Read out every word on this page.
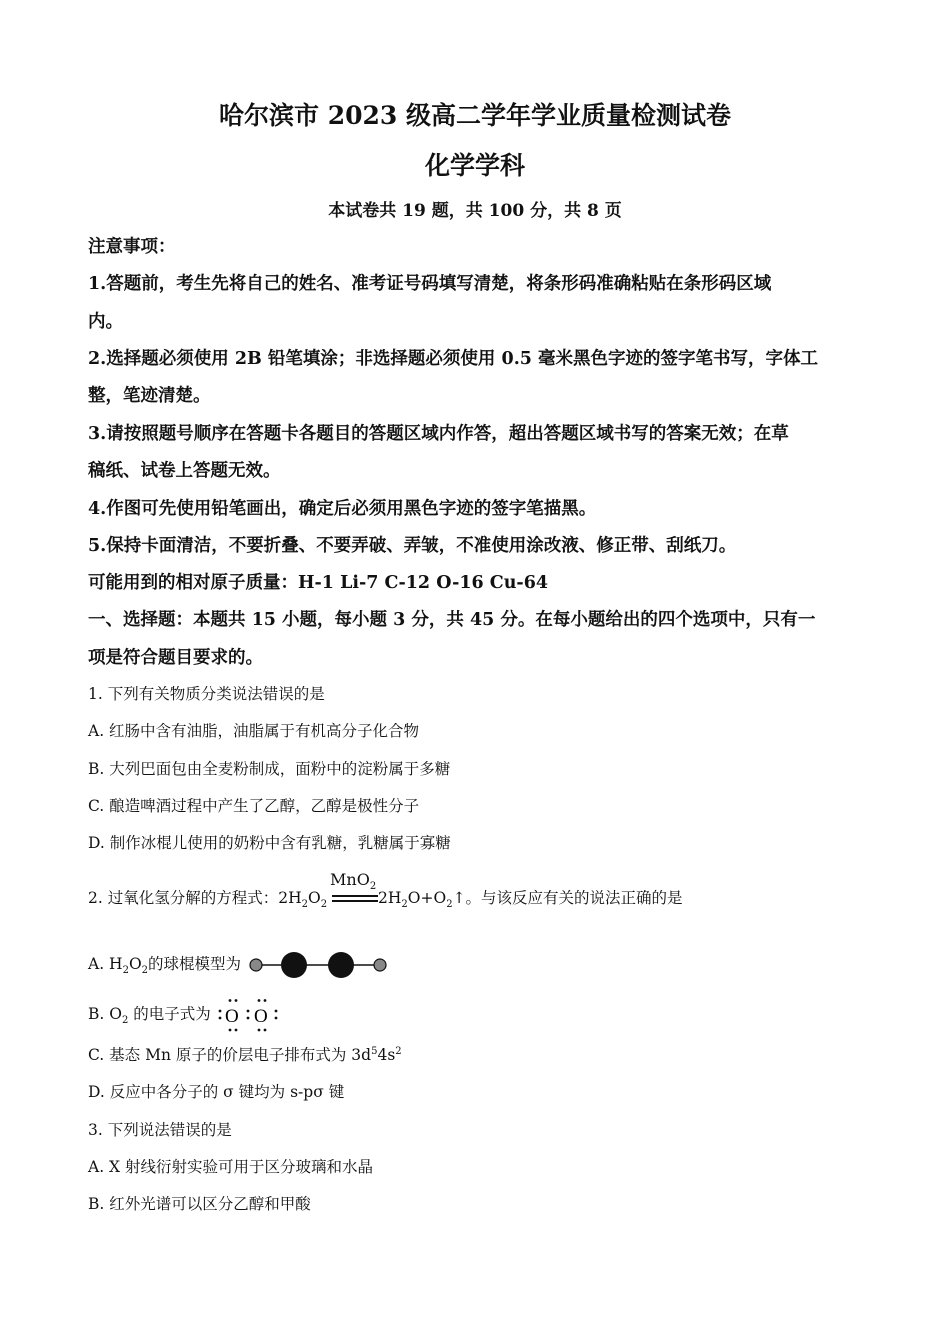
哈尔滨市 2023 级高二学年学业质量检测试卷
化学学科
本试卷共 19 题，共 100 分，共 8 页
注意事项：
1.答题前，考生先将自己的姓名、准考证号码填写清楚，将条形码准确粘贴在条形码区域
内。
2.选择题必须使用 2B 铅笔填涂；非选择题必须使用 0.5 毫米黑色字迹的签字笔书写，字体工
整，笔迹清楚。
3.请按照题号顺序在答题卡各题目的答题区域内作答，超出答题区域书写的答案无效；在草
稿纸、试卷上答题无效。
4.作图可先使用铅笔画出，确定后必须用黑色字迹的签字笔描黑。
5.保持卡面清洁，不要折叠、不要弄破、弄皱，不准使用涂改液、修正带、刮纸刀。
可能用到的相对原子质量：H-1 Li-7 C-12 O-16 Cu-64
一、选择题：本题共 15 小题，每小题 3 分，共 45 分。在每小题给出的四个选项中，只有一
项是符合题目要求的。
1. 下列有关物质分类说法错误的是
A. 红肠中含有油脂，油脂属于有机高分子化合物
B. 大列巴面包由全麦粉制成，面粉中的淀粉属于多糖
C. 酿造啤酒过程中产生了乙醇，乙醇是极性分子
D. 制作冰棍儿使用的奶粉中含有乳糖，乳糖属于寡糖
2. 过氧化氢分解的方程式：$2H_2O_2$
MnO$_2$
$2H_2O+O_2↑$。与该反应有关的说法正确的是
A. $H_2O_2$的球棍模型为
B. $O_2$ 的电子式为 O O
C. 基态 Mn 原子的价层电子排布式为 $3d^54s^2$
D. 反应中各分子的 σ 键均为 s-pσ 键
3. 下列说法错误的是
A. X 射线衍射实验可用于区分玻璃和水晶
B. 红外光谱可以区分乙醇和甲酸
